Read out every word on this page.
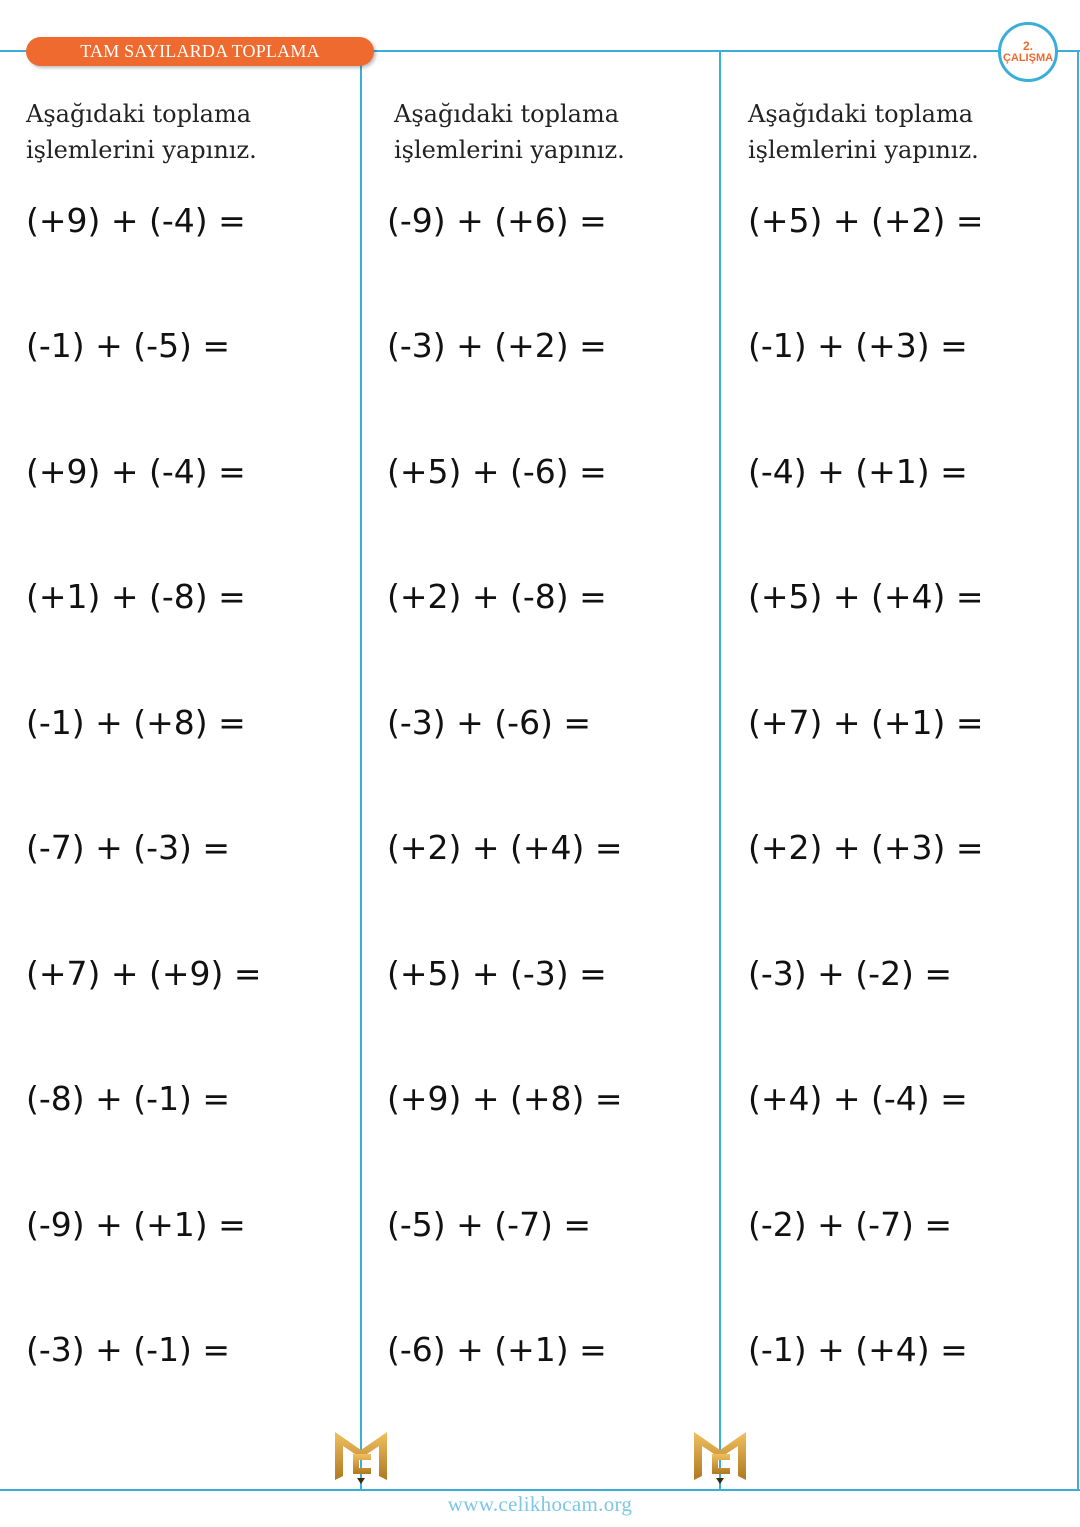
TAM SAYILARDA TOPLAMA	2.
ÇALIŞMA

Aşağıdaki toplama
işlemlerini yapınız.

(+9) + (-4) =
(-1) + (-5) =
(+9) + (-4) =
(+1) + (-8) =
(-1) + (+8) =
(-7) + (-3) =
(+7) + (+9) =
(-8) + (-1) =
(-9) + (+1) =
(-3) + (-1) =

Aşağıdaki toplama
işlemlerini yapınız.

(-9) + (+6) =
(-3) + (+2) =
(+5) + (-6) =
(+2) + (-8) =
(-3) + (-6) =
(+2) + (+4) =
(+5) + (-3) =
(+9) + (+8) =
(-5) + (-7) =
(-6) + (+1) =

Aşağıdaki toplama
işlemlerini yapınız.

(+5) + (+2) =
(-1) + (+3) =
(-4) + (+1) =
(+5) + (+4) =
(+7) + (+1) =
(+2) + (+3) =
(-3) + (-2) =
(+4) + (-4) =
(-2) + (-7) =
(-1) + (+4) =
www.celikhocam.org
